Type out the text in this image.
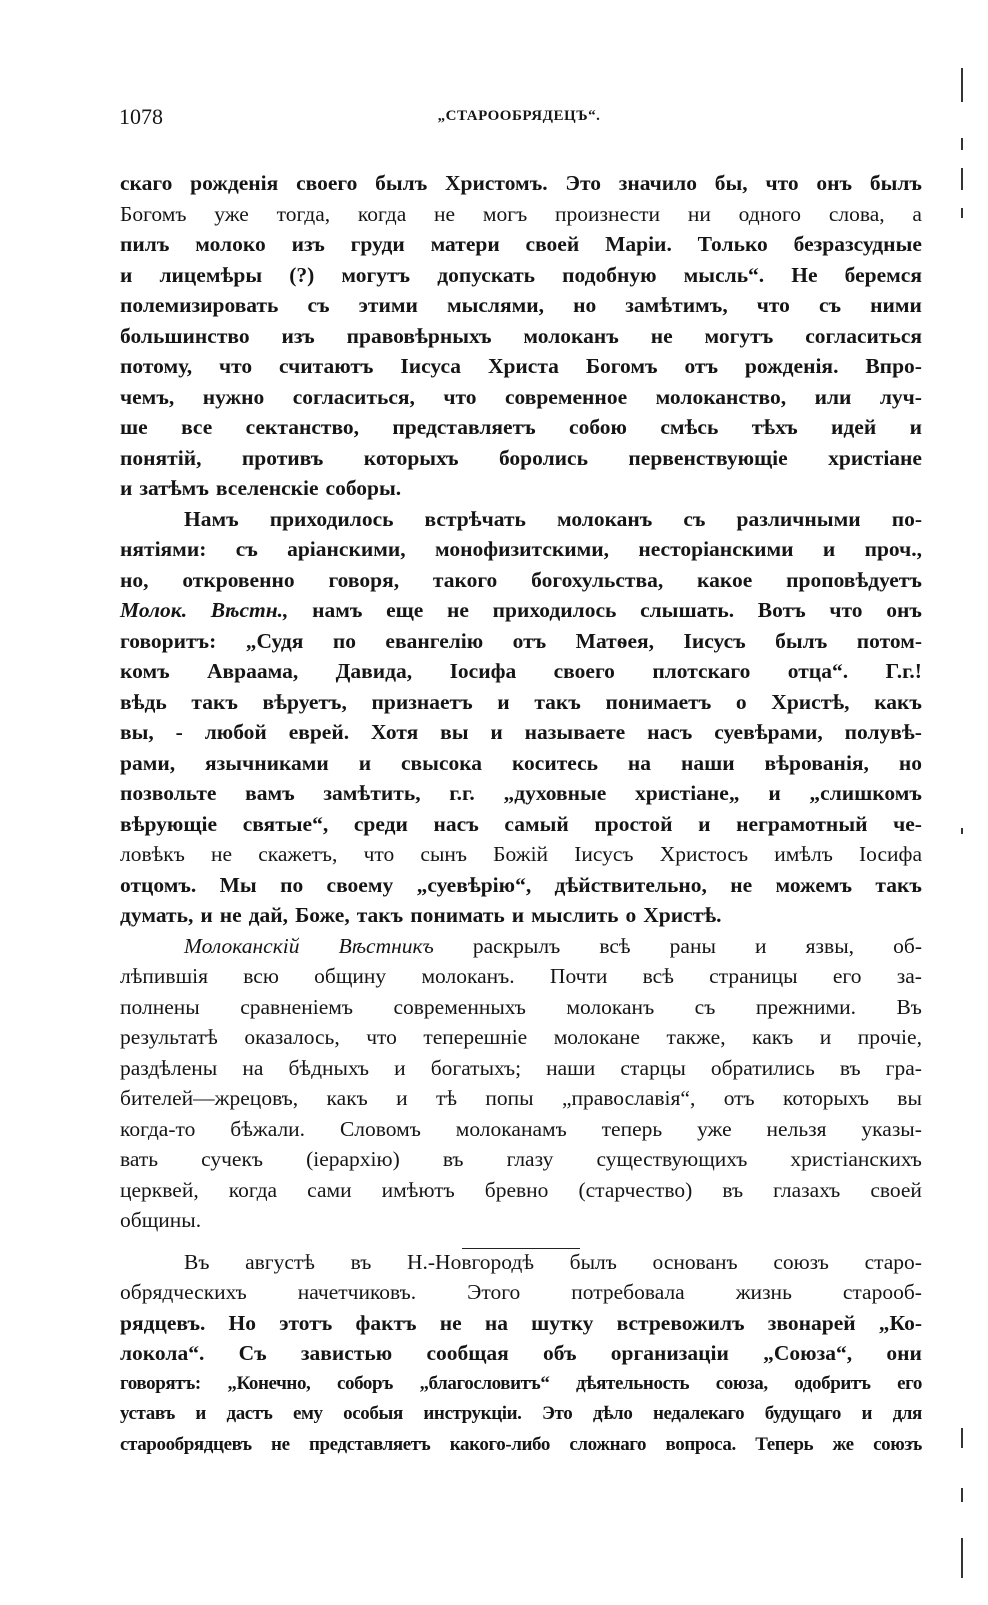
1078	„СТАРООБРЯДЕЦЪ“.
скаго рожденія своего былъ Христомъ. Это значило бы, что онъ былъ
Богомъ уже тогда, когда не могъ произнести ни одного слова, а
пилъ молоко изъ груди матери своей Маріи. Только безразсудные
и лицемѣры (?) могутъ допускать подобную мысль“. Не беремся
полемизировать съ этими мыслями, но замѣтимъ, что съ ними
большинство изъ правовѣрныхъ молоканъ не могутъ согласиться
потому, что считаютъ Іисуса Христа Богомъ отъ рожденія. Впро-
чемъ, нужно согласиться, что современное молоканство, или луч-
ше все сектанство, представляетъ собою смѣсь тѣхъ идей и
понятій, противъ которыхъ боролись первенствующіе христіане
и затѣмъ вселенскіе соборы.
Намъ приходилось встрѣчать молоканъ съ различными по-
нятіями: съ аріанскими, монофизитскими, несторіанскими и проч.,
но, откровенно говоря, такого богохульства, какое проповѣдуетъ
Молок. Вѣстн., намъ еще не приходилось слышать. Вотъ что онъ
говоритъ: „Судя по евангелію отъ Матѳея, Іисусъ былъ потом-
комъ Авраама, Давида, Іосифа своего плотскаго отца“. Г.г.!
вѣдь такъ вѣруетъ, признаетъ и такъ понимаетъ о Христѣ, какъ
вы, - любой еврей. Хотя вы и называете насъ суевѣрами, полувѣ-
рами, язычниками и свысока коситесь на наши вѣрованія, но
позвольте вамъ замѣтить, г.г. „духовные христiане„ и „слишкомъ
вѣрующіе святые“, среди насъ самый простой и неграмотный че-
ловѣкъ не скажетъ, что сынъ Божій Іисусъ Христосъ имѣлъ Іосифа
отцомъ. Мы по своему „суевѣрію“, дѣйствительно, не можемъ такъ
думать, и не дай, Боже, такъ понимать и мыслить о Христѣ.
Молоканскій Вѣстникъ раскрылъ всѣ раны и язвы, об-
лѣпившія всю общину молоканъ. Почти всѣ страницы его за-
полнены сравненіемъ современныхъ молоканъ съ прежними. Въ
результатѣ оказалось, что теперешніе молокане также, какъ и прочіе,
раздѣлены на бѣдныхъ и богатыхъ; наши старцы обратились въ гра-
бителей—жрецовъ, какъ и тѣ попы „православія“, отъ которыхъ вы
когда-то бѣжали. Словомъ молоканамъ теперь уже нельзя указы-
вать сучекъ (іерархію) въ глазу существующихъ христіанскихъ
церквей, когда сами имѣютъ бревно (старчество) въ глазахъ своей
общины.
Въ августѣ въ Н.-Новгородѣ былъ основанъ союзъ старо-
обрядческихъ начетчиковъ. Этого потребовала жизнь старооб-
рядцевъ. Но этотъ фактъ не на шутку встревожилъ звонарей „Ко-
локола“. Съ завистью сообщая объ организаціи „Союза“, они
говорятъ: „Конечно, соборъ „благословитъ“ дѣятельность союза, одобритъ его
уставъ и дастъ ему особыя инструкціи. Это дѣло недалекаго будущаго и для
старообрядцевъ не представляетъ какого-либо сложнаго вопроса. Теперь же союзъ
